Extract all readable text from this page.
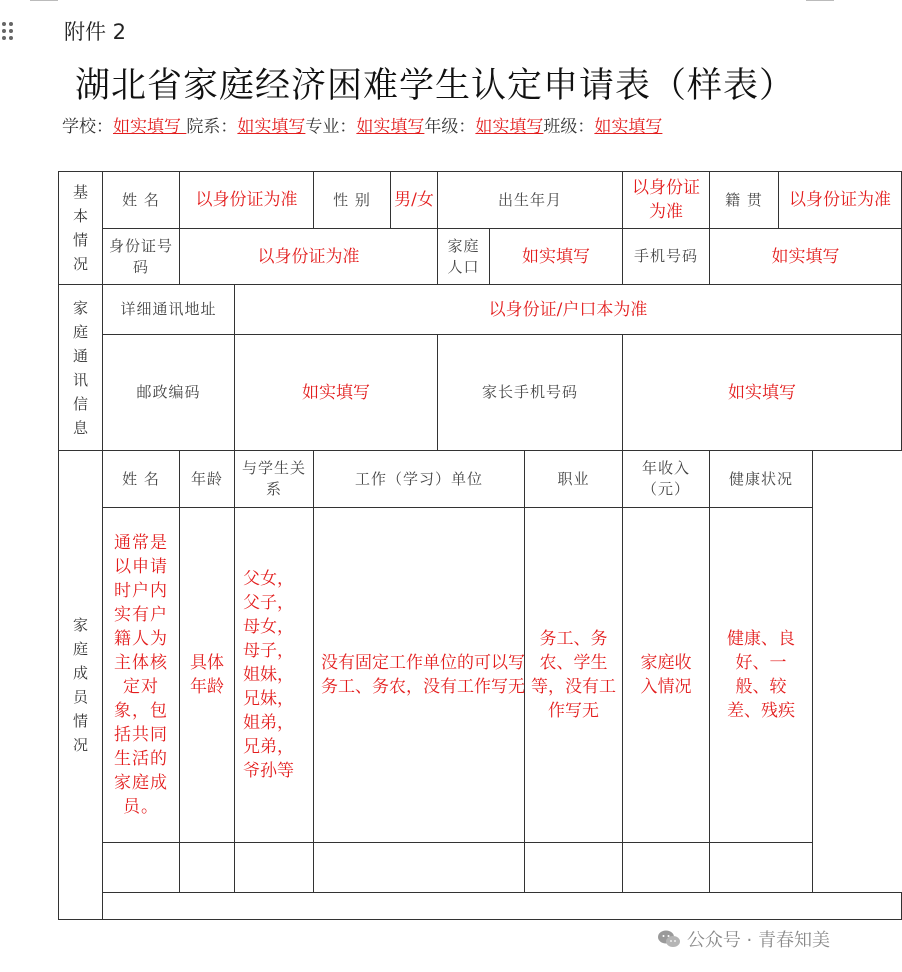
附件 2
湖北省家庭经济困难学生认定申请表（样表）
学校：如实填写 院系：如实填写专业：如实填写年级：如实填写班级：如实填写
基本情况	姓 名	以身份证为准		性 别	男/女	出生年月			以身份证为准	籍 贯	以身份证为准
	身份证号 码	以身份证为准				家庭人口	如实填写		手机号码	如实填写	

家庭通讯信息	详细通讯地址		以身份证/户口本为准								
	邮政编码		如实填写			家长手机号码			如实填写		

家庭成员情况	姓 名	年龄	与学生关系	工作（学习）单位				职业	年收入（元）	健康状况	

	通常是以申请时户内实有户籍人为主体核定对象，包括共同生活的家庭成员。	具体年龄	父女，父子，母女，母子，姐妹，兄妹，姐弟，兄弟，爷孙等	没有固定工作单位的可以写务工、务农，没有工作写无				务工、务农、学生等，没有工作写无	家庭收入情况	健康、良好、一般、较差、残疾	

公众号 · 青春知美
